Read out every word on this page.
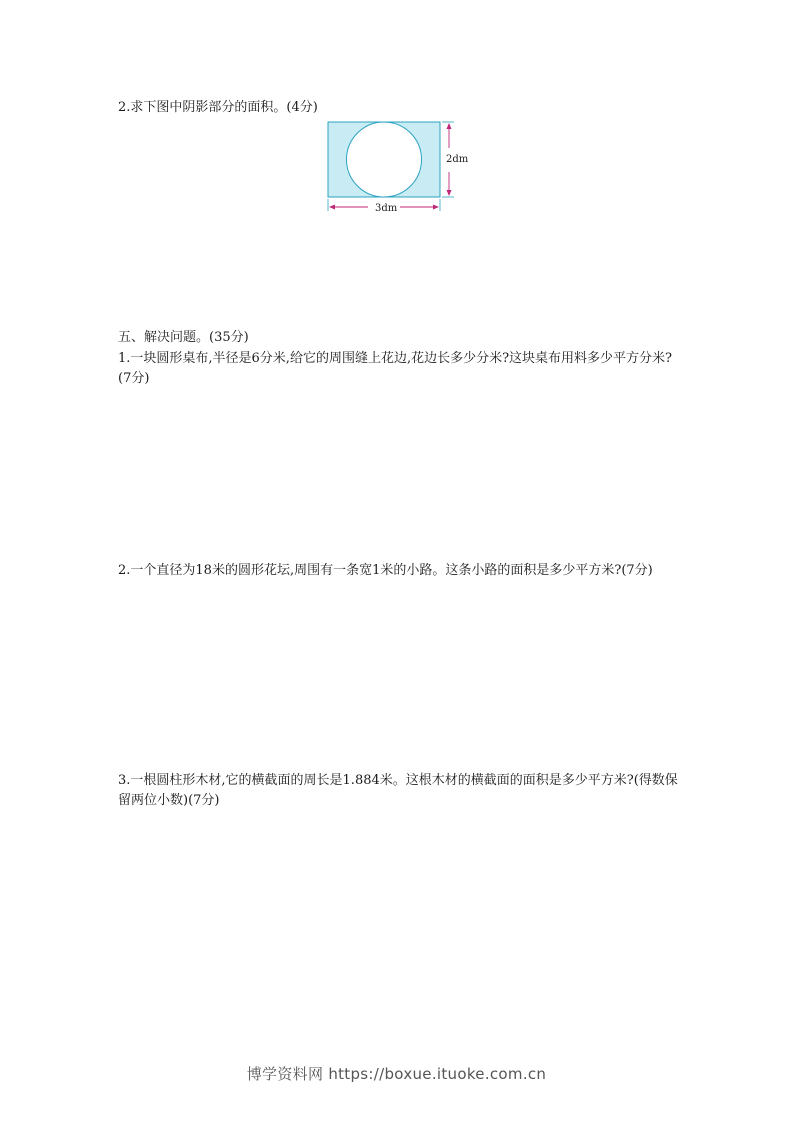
2.求下图中阴影部分的面积。(4分)

2dm
3dm

五、解决问题。(35分)

1.一块圆形桌布,半径是6分米,给它的周围缝上花边,花边长多少分米?这块桌布用料多少平方分米?(7分)

2.一个直径为18米的圆形花坛,周围有一条宽1米的小路。这条小路的面积是多少平方米?(7分)

3.一根圆柱形木材,它的横截面的周长是1.884米。这根木材的横截面的面积是多少平方米?(得数保留两位小数)(7分)

博学资料网 https://boxue.ituoke.com.cn
